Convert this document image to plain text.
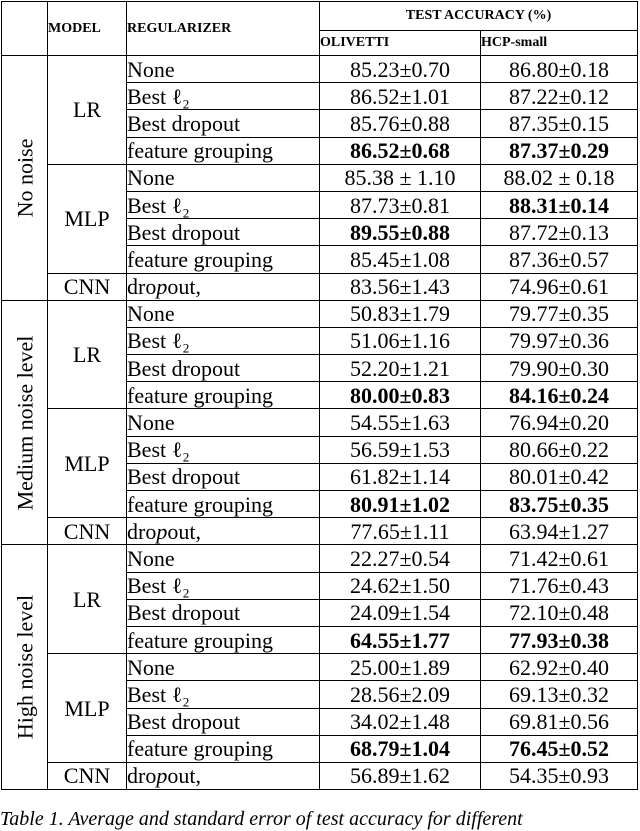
	MODEL	REGULARIZER	TEST ACCURACY (%)	
			OLIVETTI	HCP-small

No noise	LR	None	85.23±0.70	86.80±0.18
		Best ℓ₂	86.52±1.01	87.22±0.12
		Best dropout	85.76±0.88	87.35±0.15
		feature grouping	86.52±0.68	87.37±0.29
	MLP	None	85.38 ± 1.10	88.02 ± 0.18
		Best ℓ₂	87.73±0.81	88.31±0.14
		Best dropout	89.55±0.88	87.72±0.13
		feature grouping	85.45±1.08	87.36±0.57
	CNN	dropout,	83.56±1.43	74.96±0.61

Medium noise level	LR	None	50.83±1.79	79.77±0.35
		Best ℓ₂	51.06±1.16	79.97±0.36
		Best dropout	52.20±1.21	79.90±0.30
		feature grouping	80.00±0.83	84.16±0.24
	MLP	None	54.55±1.63	76.94±0.20
		Best ℓ₂	56.59±1.53	80.66±0.22
		Best dropout	61.82±1.14	80.01±0.42
		feature grouping	80.91±1.02	83.75±0.35
	CNN	dropout,	77.65±1.11	63.94±1.27

High noise level	LR	None	22.27±0.54	71.42±0.61
		Best ℓ₂	24.62±1.50	71.76±0.43
		Best dropout	24.09±1.54	72.10±0.48
		feature grouping	64.55±1.77	77.93±0.38
	MLP	None	25.00±1.89	62.92±0.40
		Best ℓ₂	28.56±2.09	69.13±0.32
		Best dropout	34.02±1.48	69.81±0.56
		feature grouping	68.79±1.04	76.45±0.52
	CNN	dropout,	56.89±1.62	54.35±0.93
Table 1. Average and standard error of test accuracy for different
